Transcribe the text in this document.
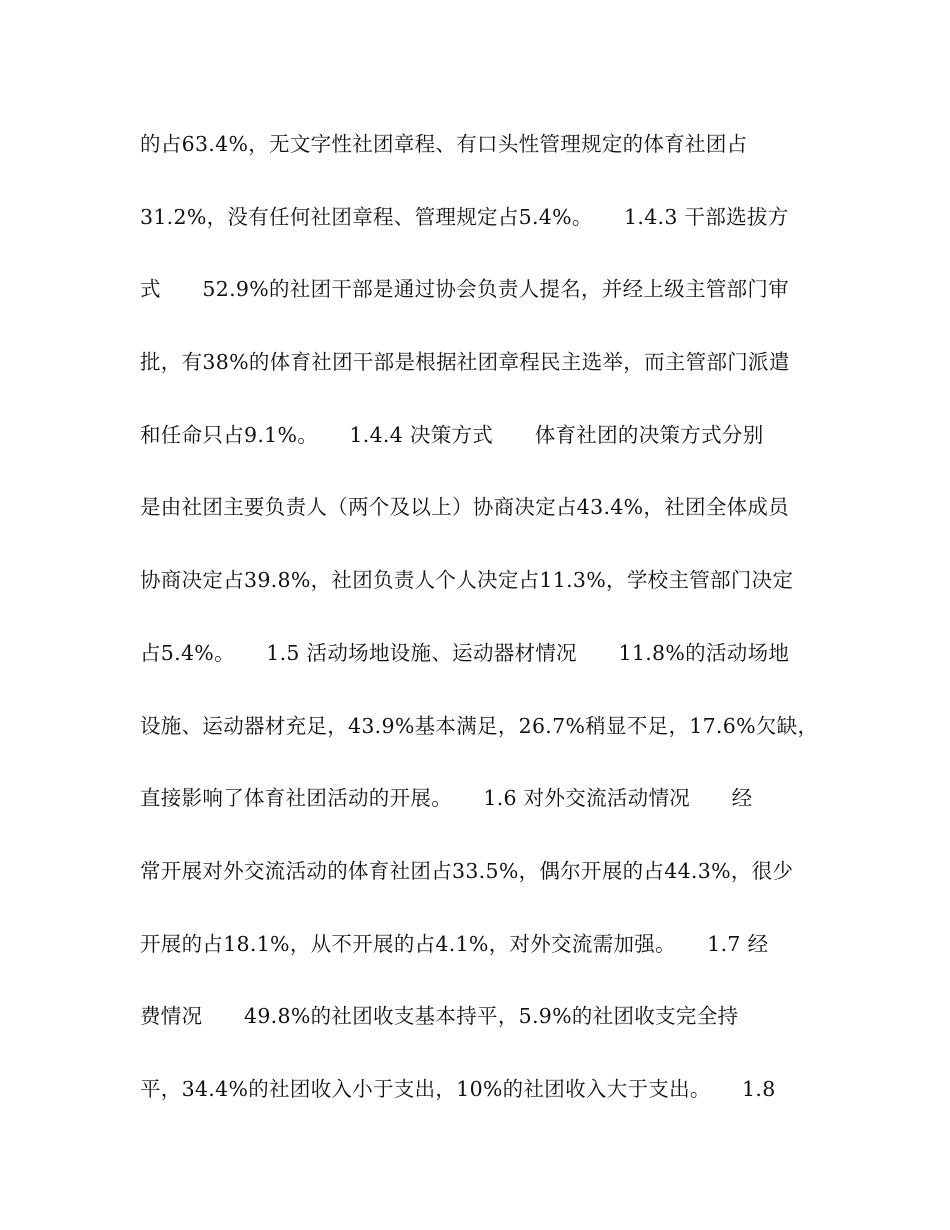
的占63.4%，无文字性社团章程、有口头性管理规定的体育社团占
31.2%，没有任何社团章程、管理规定占5.4%。　　1.4.3 干部选拔方
式　　52.9%的社团干部是通过协会负责人提名，并经上级主管部门审
批，有38%的体育社团干部是根据社团章程民主选举，而主管部门派遣
和任命只占9.1%。　　1.4.4 决策方式　　体育社团的决策方式分别
是由社团主要负责人（两个及以上）协商决定占43.4%，社团全体成员
协商决定占39.8%，社团负责人个人决定占11.3%，学校主管部门决定
占5.4%。　　1.5 活动场地设施、运动器材情况　　11.8%的活动场地
设施、运动器材充足，43.9%基本满足，26.7%稍显不足，17.6%欠缺，
直接影响了体育社团活动的开展。　　1.6 对外交流活动情况　　经
常开展对外交流活动的体育社团占33.5%，偶尔开展的占44.3%，很少
开展的占18.1%，从不开展的占4.1%，对外交流需加强。　　1.7 经
费情况　　49.8%的社团收支基本持平，5.9%的社团收支完全持
平，34.4%的社团收入小于支出，10%的社团收入大于支出。　　1.8
